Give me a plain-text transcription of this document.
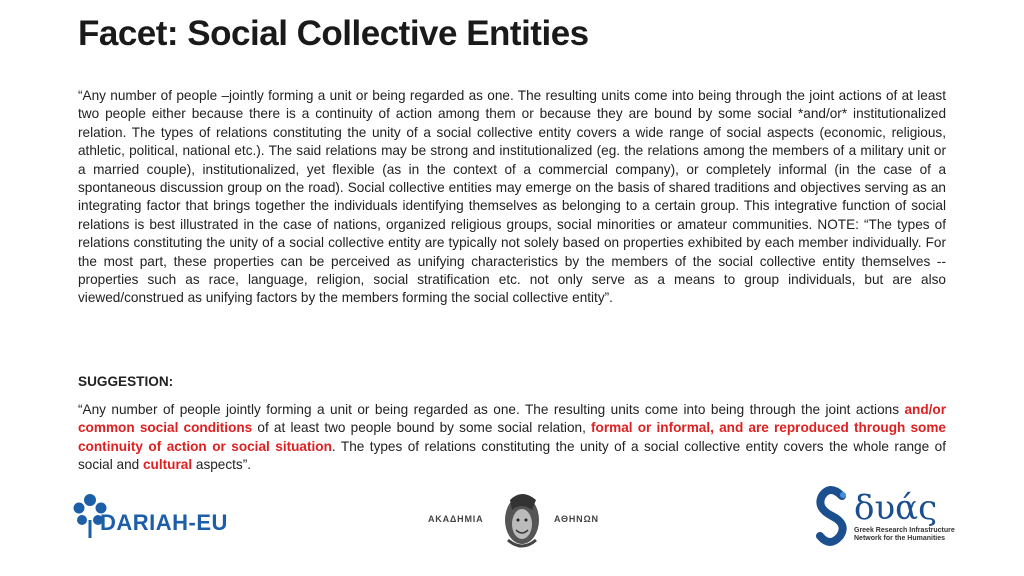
Facet: Social Collective Entities

“Any number of people –jointly forming a unit or being regarded as one. The resulting units come into being through the joint actions of at least two people either because there is a continuity of action among them or because they are bound by some social *and/or* institutionalized relation. The types of relations constituting the unity of a social collective entity covers a wide range of social aspects (economic, religious, athletic, political, national etc.). The said relations may be strong and institutionalized (eg. the relations among the members of a military unit or a married couple), institutionalized, yet flexible (as in the context of a commercial company), or completely informal (in the case of a spontaneous discussion group on the road). Social collective entities may emerge on the basis of shared traditions and objectives serving as an integrating factor that brings together the individuals identifying themselves as belonging to a certain group. This integrative function of social relations is best illustrated in the case of nations, organized religious groups, social minorities or amateur communities. NOTE: “The types of relations constituting the unity of a social collective entity are typically not solely based on properties exhibited by each member individually. For the most part, these properties can be perceived as unifying characteristics by the members of the social collective entity themselves --properties such as race, language, religion, social stratification etc. not only serve as a means to group individuals, but are also viewed/construed as unifying factors by the members forming the social collective entity”.

SUGGESTION:

“Any number of people jointly forming a unit or being regarded as one. The resulting units come into being through the joint actions and/or common social conditions of at least two people bound by some social relation, formal or informal, and are reproduced through some continuity of action or social situation. The types of relations constituting the unity of a social collective entity covers the whole range of social and cultural aspects”.

DARIAH-EU	ΑΚΑΔΗΜΙΑ	ΑΘΗΝΩΝ	δυάς
Greek Research Infrastructure Network for the Humanities
